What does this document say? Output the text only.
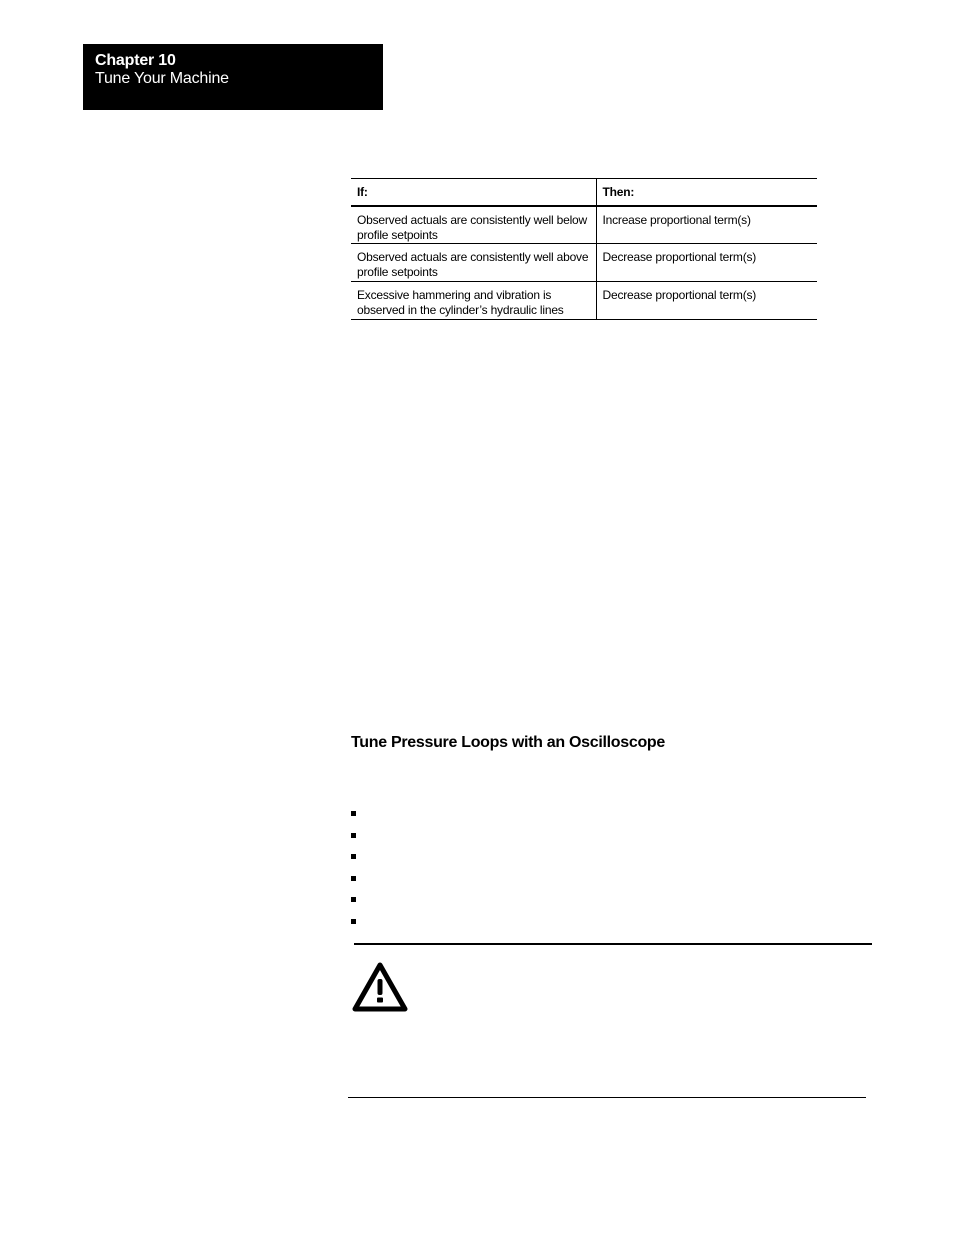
Chapter 10
Tune Your Machine
If:	Then:
Observed actuals are consistently well below profile setpoints	Increase proportional term(s)
Observed actuals are consistently well above profile setpoints	Decrease proportional term(s)
Excessive hammering and vibration is observed in the cylinder’s hydraulic lines	Decrease proportional term(s)
Tune Pressure Loops with an Oscilloscope
